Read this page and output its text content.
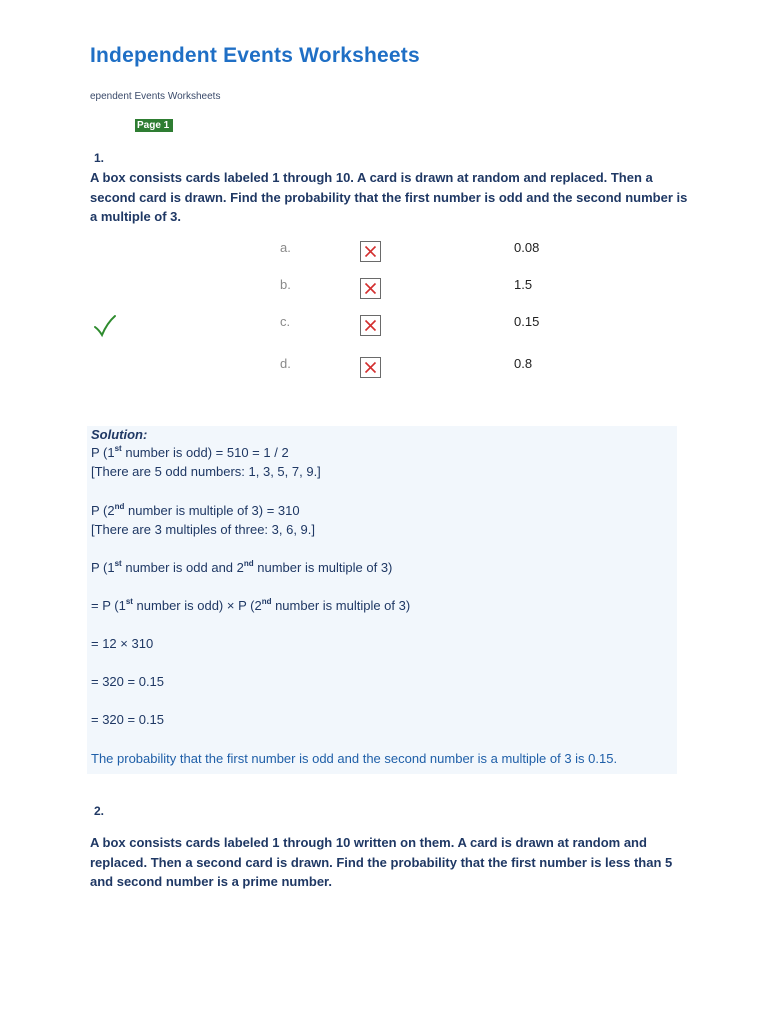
Independent Events Worksheets
ependent Events Worksheets
Page 1
1.
A box consists cards labeled 1 through 10. A card is drawn at random and replaced. Then a second card is drawn. Find the probability that the first number is odd and the second number is a multiple of 3.
a.	0.08
b.	1.5
c.	0.15
d.	0.8
Solution:
P (1st number is odd) = 510 = 1 / 2
[There are 5 odd numbers: 1, 3, 5, 7, 9.]
P (2nd number is multiple of 3) = 310
[There are 3 multiples of three: 3, 6, 9.]
P (1st number is odd and 2nd number is multiple of 3)
= P (1st number is odd) × P (2nd number is multiple of 3)
= 12 × 310
= 320 = 0.15
= 320 = 0.15
The probability that the first number is odd and the second number is a multiple of 3 is 0.15.
2.
A box consists cards labeled 1 through 10 written on them. A card is drawn at random and replaced. Then a second card is drawn. Find the probability that the first number is less than 5 and second number is a prime number.
